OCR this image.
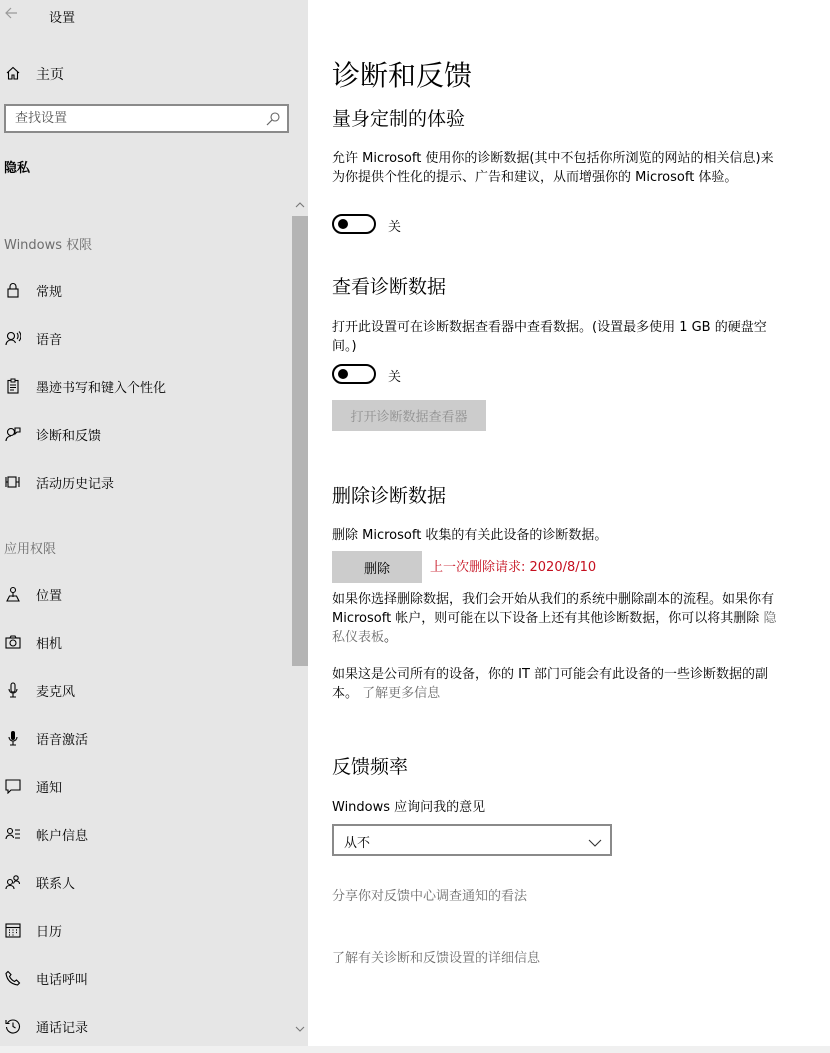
设置
主页
查找设置
隐私
Windows 权限
常规
语音
墨迹书写和键入个性化
诊断和反馈
活动历史记录
应用权限
位置
相机
麦克风
语音激活
通知
帐户信息
联系人
日历
电话呼叫
通话记录
诊断和反馈
量身定制的体验
允许 Microsoft 使用你的诊断数据(其中不包括你所浏览的网站的相关信息)来为你提供个性化的提示、广告和建议，从而增强你的 Microsoft 体验。
关
查看诊断数据
打开此设置可在诊断数据查看器中查看数据。(设置最多使用 1 GB 的硬盘空间。)
关
打开诊断数据查看器
删除诊断数据
删除 Microsoft 收集的有关此设备的诊断数据。
删除	上一次删除请求: 2020/8/10
如果你选择删除数据，我们会开始从我们的系统中删除副本的流程。如果你有 Microsoft 帐户，则可能在以下设备上还有其他诊断数据，你可以将其删除 隐私仪表板。
如果这是公司所有的设备，你的 IT 部门可能会有此设备的一些诊断数据的副本。 了解更多信息
反馈频率
Windows 应询问我的意见
从不
分享你对反馈中心调查通知的看法
了解有关诊断和反馈设置的详细信息
